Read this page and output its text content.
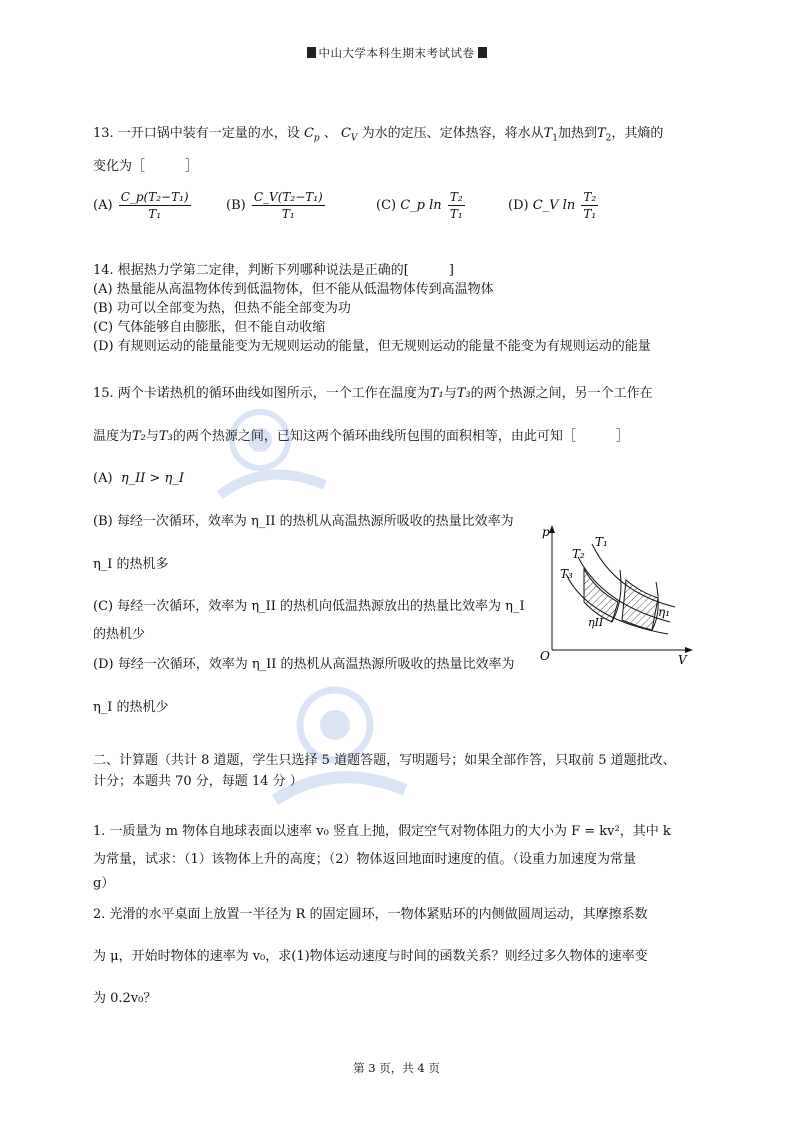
中山大学本科生期末考试试卷
13. 一开口锅中装有一定量的水，设 $C_p$ 、 $C_V$ 为水的定压、定体热容，将水从$T_1$加热到$T_2$，其熵的
变化为［	］
$(A) \frac{\text{C\_p(T₂−T₁)}}{\text{T₁}}$	$(B) \frac{\text{C\_V(T₂−T₁)}}{\text{T₁}}$	(C) C_p $\ln \frac{\text{T₂}}{\text{T₁}}$	(D) C_V $\ln \frac{\text{T₂}}{\text{T₁}}$
14. 根据热力学第二定律，判断下列哪种说法是正确的[	]
(A) 热量能从高温物体传到低温物体，但不能从低温物体传到高温物体
(B) 功可以全部变为热，但热不能全部变为功
(C) 气体能够自由膨胀，但不能自动收缩
(D) 有规则运动的能量能变为无规则运动的能量，但无规则运动的能量不能变为有规则运动的能量
15. 两个卡诺热机的循环曲线如图所示，一个工作在温度为T₁与T₃的两个热源之间，另一个工作在
温度为T₂与T₃的两个热源之间，已知这两个循环曲线所包围的面积相等，由此可知［	］
(A) η_II > η_I
(B) 每经一次循环，效率为 η_II 的热机从高温热源所吸收的热量比效率为
η_I 的热机多
(C) 每经一次循环，效率为 η_II 的热机向低温热源放出的热量比效率为 η_I
的热机少
(D) 每经一次循环，效率为 η_II 的热机从高温热源所吸收的热量比效率为
η_I 的热机少
p
V
O
T₁
T₂
T₃
η₁
ηII
二、计算题（共计 8 道题，学生只选择 5 道题答题，写明题号；如果全部作答，只取前 5 道题批改、
计分；本题共 70 分，每题 14 分 ）
1. 一质量为 m 物体自地球表面以速率 v₀ 竖直上抛，假定空气对物体阻力的大小为 F = kv²，其中 k
为常量，试求：（1）该物体上升的高度；（2）物体返回地面时速度的值。（设重力加速度为常量
g）
2. 光滑的水平桌面上放置一半径为 R 的固定圆环，一物体紧贴环的内侧做圆周运动，其摩擦系数
为 μ，开始时物体的速率为 v₀，求(1)物体运动速度与时间的函数关系？则经过多久物体的速率变
为 0.2v₀？
第 3 页，共 4 页
